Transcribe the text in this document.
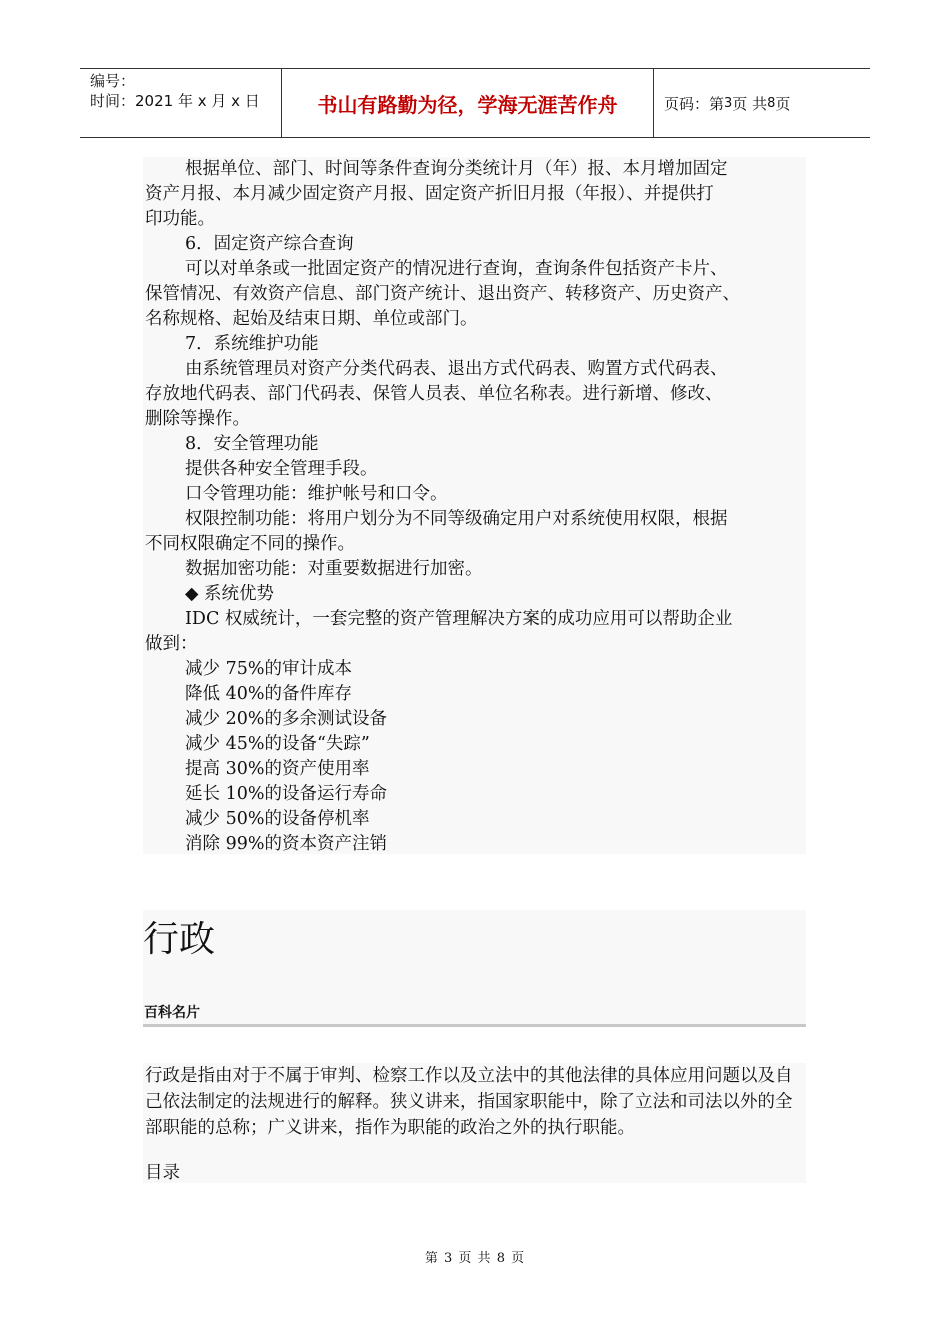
编号：
时间：2021 年 x 月 x 日	书山有路勤为径，学海无涯苦作舟	页码：第 3 页 共 8 页
根据单位、部门、时间等条件查询分类统计月（年）报、本月增加固定
资产月报、本月减少固定资产月报、固定资产折旧月报（年报）、并提供打
印功能。
6．固定资产综合查询
可以对单条或一批固定资产的情况进行查询，查询条件包括资产卡片、
保管情况、有效资产信息、部门资产统计、退出资产、转移资产、历史资产、
名称规格、起始及结束日期、单位或部门。
7．系统维护功能
由系统管理员对资产分类代码表、退出方式代码表、购置方式代码表、
存放地代码表、部门代码表、保管人员表、单位名称表。进行新增、修改、
删除等操作。
8．安全管理功能
提供各种安全管理手段。
口令管理功能：维护帐号和口令。
权限控制功能：将用户划分为不同等级确定用户对系统使用权限，根据
不同权限确定不同的操作。
数据加密功能：对重要数据进行加密。
◆ 系统优势
IDC 权威统计，一套完整的资产管理解决方案的成功应用可以帮助企业
做到：
减少 75%的审计成本
降低 40%的备件库存
减少 20%的多余测试设备
减少 45%的设备“失踪”
提高 30%的资产使用率
延长 10%的设备运行寿命
减少 50%的设备停机率
消除 99%的资本资产注销
行政
百科名片
行政是指由对于不属于审判、检察工作以及立法中的其他法律的具体应用问题以及自己依法制定的法规进行的解释。狭义讲来，指国家职能中，除了立法和司法以外的全部职能的总称；广义讲来，指作为职能的政治之外的执行职能。
目录
第 3 页 共 8 页
